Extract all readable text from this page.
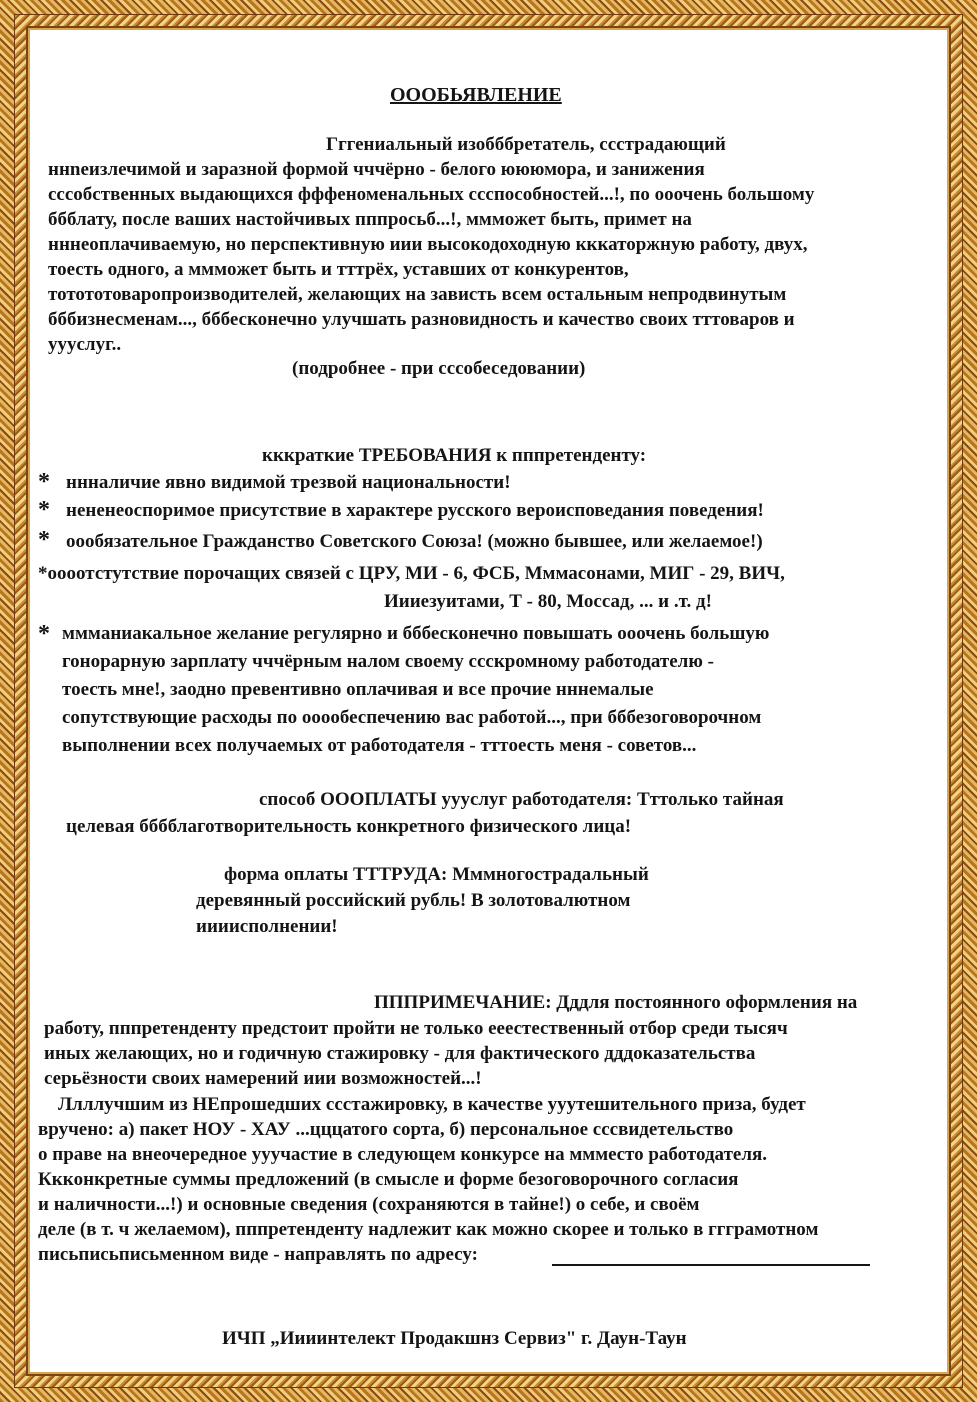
ОООБЬЯВЛЕНИЕ
Гггениальный изобббретатель, ссстрадающий
ннneизлечимой и заразной формой чччёрно - белого юююмора, и занижения
сссобственных выдающихся фффеноменальных ссспособностей...!, по ооочень большому
ббблату, после ваших настойчивых пппросьб...!, мммoжет быть, примет на
нннeоплачиваемую, но перспективную иии высокодоходную кккаторжную работу, двух,
тоесть одного, а мммoжет быть и тттрёх, уставших от конкурентов,
тотототоварoпроизводителей, желающих на зависть всем остальным непродвинутым
бббизнесменам..., бббесконечно улучшать разновидность и качество своих тттоваров и
ууyслуг..
(подробнее - при сссобеседовании)
кккраткие ТРЕБОВАНИЯ к пппретенденту:
* ннналичие явно видимой трезвой национальности!
* нененеоспоримое присутствие в характере русского вероисповедания поведения!
* ооoбязательное Гражданство Советского Союза! (можно бывшее, или желаемое!)
*оооотстутствие порочащих связей с ЦРУ, МИ - 6, ФСБ, Мммасонами, МИГ - 29, ВИЧ,
Иииезуитами, Т - 80, Моссад, ... и .т. д!
* мммaниакальное желание регулярно и бббесконечно повышать ооочень большую
гонорарную зарплату чччёрным налом своему ссскромному работодателю -
тоесть мне!, заодно превентивно оплачивая и все прочие нннемалые
сопутствующие расходы по оооoбеспечению вас работой..., при бббезоговорочном
выполнении всех получаемых от работодателя - тттoесть меня - советов...
способ ОООПЛАТЫ ууyслуг работодателя: Тттолько тайная
целевая бббблаготворительность конкретного физического лица!
форма оплаты ТТТРУДА: Мммногострадальный
деревянный российский рубль! В золотовалютном
иииисполнении!
ПППРИМЕЧАНИЕ: Дддля постоянного оформления на
работу, пппретенденту предстоит пройти не только ееестественный отбор среди тысяч
иных желающих, но и годичную стажировку - для фактического дддоказательства
серьёзности своих намерений иии возможностей...!
Ллллучшим из НЕпрошедших ссстажировку, в качестве ууутешительного приза, будет
вручено: а) пакет НОУ - ХАУ ...цццатого сорта, б) персональное ссcвидетельство
о праве на внеочередное ууучастие в следующем конкурсе на мммeсто работодателя.
Кккoнкретные суммы предложений (в смысле и форме безоговорочного согласия
и наличности...!) и основные сведения (сохраняются в тайне!) о себе, и своём
деле (в т. ч желаемом), пппретенденту надлежит как можно скорее и только в гггрaмотном
письписьписьменном виде - направлять по адресу:
ИЧП „Иииинтелект Продакшнз Сервиз" г. Даун-Таун
